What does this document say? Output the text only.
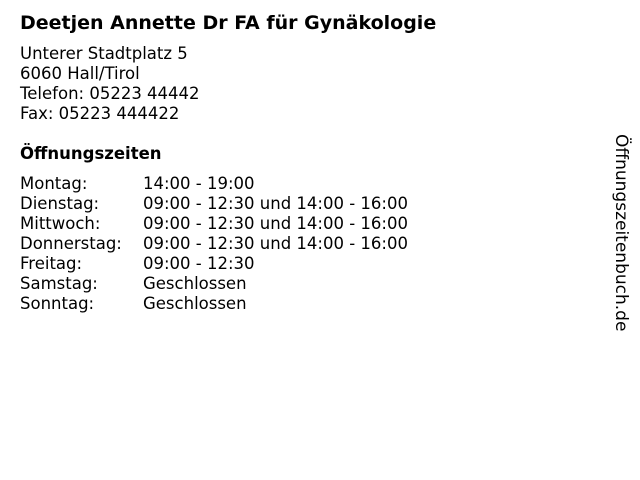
Deetjen Annette Dr FA für Gynäkologie
Unterer Stadtplatz 5
6060 Hall/Tirol
Telefon: 05223 44442
Fax: 05223 444422
Öffnungszeiten
Montag:	14:00 - 19:00
Dienstag:	09:00 - 12:30 und 14:00 - 16:00
Mittwoch:	09:00 - 12:30 und 14:00 - 16:00
Donnerstag:	09:00 - 12:30 und 14:00 - 16:00
Freitag:	09:00 - 12:30
Samstag:	Geschlossen
Sonntag:	Geschlossen	Öffnungszeitenbuch.de
